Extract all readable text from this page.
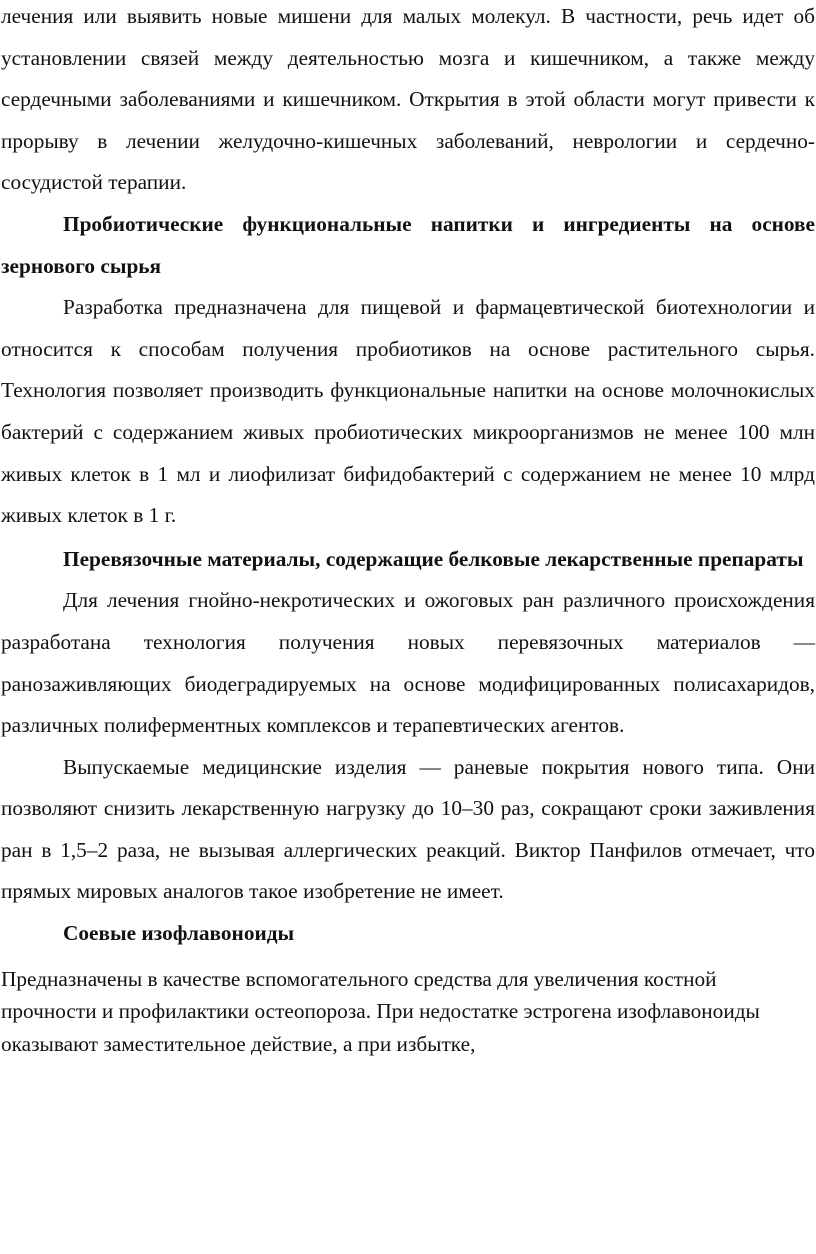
лечения или выявить новые мишени для малых молекул. В частности, речь идет об установлении связей между деятельностью мозга и кишечником, а также между сердечными заболеваниями и кишечником. Открытия в этой области могут привести к прорыву в лечении желудочно-кишечных заболеваний, неврологии и сердечно-сосудистой терапии.

Пробиотические функциональные напитки и ингредиенты на основе зернового сырья

Разработка предназначена для пищевой и фармацевтической биотехнологии и относится к способам получения пробиотиков на основе растительного сырья. Технология позволяет производить функциональные напитки на основе молочнокислых бактерий с содержанием живых пробиотических микроорганизмов не менее 100 млн живых клеток в 1 мл и лиофилизат бифидобактерий с содержанием не менее 10 млрд живых клеток в 1 г.

Перевязочные материалы, содержащие белковые лекарственные препараты

Для лечения гнойно-некротических и ожоговых ран различного происхождения разработана технология получения новых перевязочных материалов — ранозаживляющих биодеградируемых на основе модифицированных полисахаридов, различных полиферментных комплексов и терапевтических агентов.

Выпускаемые медицинские изделия — раневые покрытия нового типа. Они позволяют снизить лекарственную нагрузку до 10–30 раз, сокращают сроки заживления ран в 1,5–2 раза, не вызывая аллергических реакций. Виктор Панфилов отмечает, что прямых мировых аналогов такое изобретение не имеет.

Соевые изофлавоноиды

Предназначены в качестве вспомогательного средства для увеличения костной прочности и профилактики остеопороза. При недостатке эстрогена изофлавоноиды оказывают заместительное действие, а при избытке,
